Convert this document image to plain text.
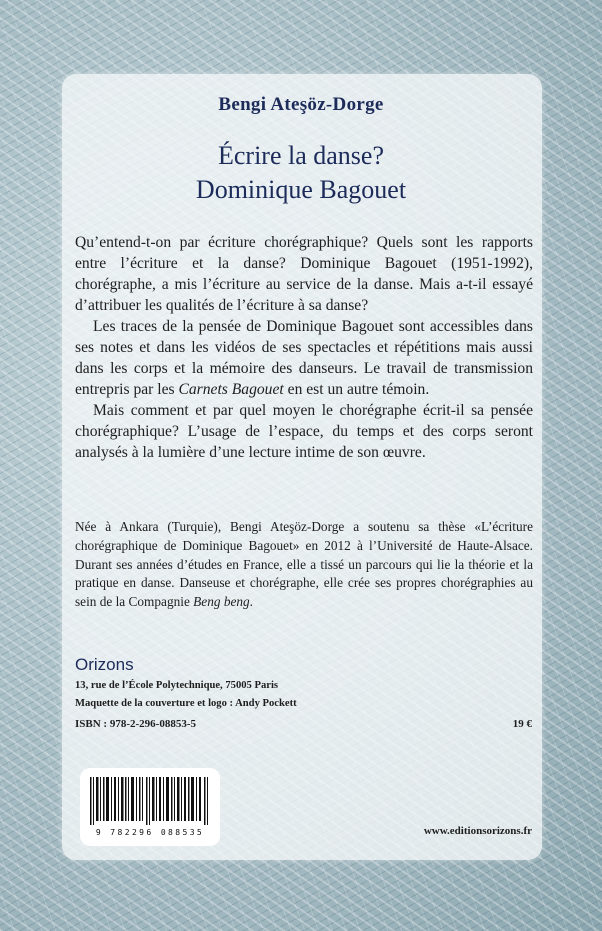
Bengi Ateşöz-Dorge
Écrire la danse?
Dominique Bagouet

Qu’entend-t-on par écriture chorégraphique? Quels sont les rapports entre l’écriture et la danse? Dominique Bagouet (1951-1992), chorégraphe, a mis l’écriture au service de la danse. Mais a-t-il essayé d’attribuer les qualités de l’écriture à sa danse?

Les traces de la pensée de Dominique Bagouet sont accessibles dans ses notes et dans les vidéos de ses spectacles et répétitions mais aussi dans les corps et la mémoire des danseurs. Le travail de transmission entrepris par les Carnets Bagouet en est un autre témoin.

Mais comment et par quel moyen le chorégraphe écrit-il sa pensée chorégraphique? L’usage de l’espace, du temps et des corps seront analysés à la lumière d’une lecture intime de son œuvre.

Née à Ankara (Turquie), Bengi Ateşöz-Dorge a soutenu sa thèse «L’écriture chorégraphique de Dominique Bagouet» en 2012 à l’Université de Haute-Alsace. Durant ses années d’études en France, elle a tissé un parcours qui lie la théorie et la pratique en danse. Danseuse et chorégraphe, elle crée ses propres chorégraphies au sein de la Compagnie Beng beng.

Orizons
13, rue de l’École Polytechnique, 75005 Paris
Maquette de la couverture et logo : Andy Pockett
ISBN : 978-2-296-08853-5	19 €
9 782296 088535	www.editionsorizons.fr
